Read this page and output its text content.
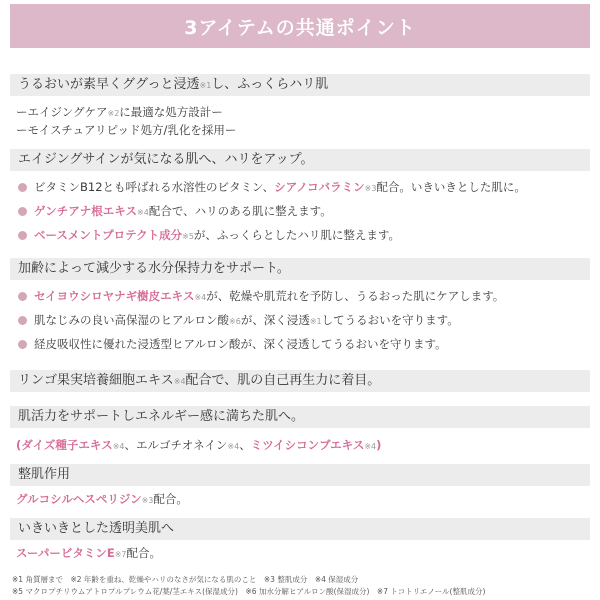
3アイテムの共通ポイント
うるおいが素早くググっと浸透※1し、ふっくらハリ肌
ーエイジングケア※2に最適な処方設計ー
ーモイスチュアリピッド処方/乳化を採用ー
エイジングサインが気になる肌へ、ハリをアップ。
ビタミンB12とも呼ばれる水溶性のビタミン、シアノコバラミン※3配合。いきいきとした肌に。
ゲンチアナ根エキス※4配合で、ハリのある肌に整えます。
ベースメントプロテクト成分※5が、ふっくらとしたハリ肌に整えます。
加齢によって減少する水分保持力をサポート。
セイヨウシロヤナギ樹皮エキス※4が、乾燥や肌荒れを予防し、うるおった肌にケアします。
肌なじみの良い高保湿のヒアルロン酸※6が、深く浸透※1してうるおいを守ります。
経皮吸収性に優れた浸透型ヒアルロン酸が、深く浸透してうるおいを守ります。
リンゴ果実培養細胞エキス※4配合で、肌の自己再生力に着目。
肌活力をサポートしエネルギー感に満ちた肌へ。
(ダイズ種子エキス※4、エルゴチオネイン※4、ミツイシコンブエキス※4)
整肌作用
グルコシルヘスペリジン※3配合。
いきいきとした透明美肌へ
スーパービタミンE※7配合。
※1 角質層まで　※2 年齢を重ね、乾燥やハリのなさが気になる肌のこと　※3 整肌成分　※4 保湿成分
※5 マクロプチリウムアトロプルプレウム花/葉/茎エキス(保湿成分)　※6 加水分解ヒアルロン酸(保湿成分)　※7 トコトリエノール(整肌成分)
